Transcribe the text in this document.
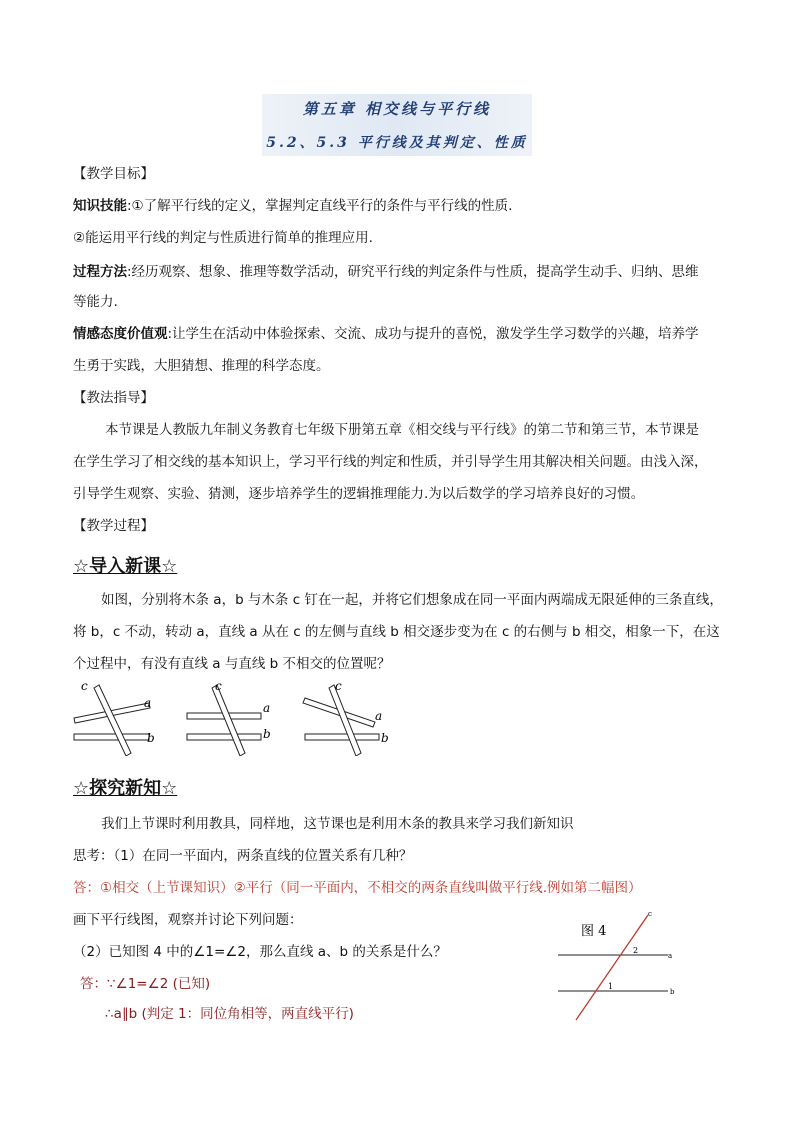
第五章 相交线与平行线
5.2、5.3 平行线及其判定、性质
【教学目标】
知识技能:①了解平行线的定义，掌握判定直线平行的条件与平行线的性质.
②能运用平行线的判定与性质进行简单的推理应用.
过程方法:经历观察、想象、推理等数学活动，研究平行线的判定条件与性质，提高学生动手、归纳、思维
等能力.
情感态度价值观:让学生在活动中体验探索、交流、成功与提升的喜悦，激发学生学习数学的兴趣，培养学
生勇于实践，大胆猜想、推理的科学态度。
【教法指导】
本节课是人教版九年制义务教育七年级下册第五章《相交线与平行线》的第二节和第三节，本节课是
在学生学习了相交线的基本知识上，学习平行线的判定和性质，并引导学生用其解决相关问题。由浅入深，
引导学生观察、实验、猜测，逐步培养学生的逻辑推理能力.为以后数学的学习培养良好的习惯。
【教学过程】
☆导入新课☆
如图，分别将木条 a，b 与木条 c 钉在一起，并将它们想象成在同一平面内两端成无限延伸的三条直线，
将 b，c 不动，转动 a，直线 a 从在 c 的左侧与直线 b 相交逐步变为在 c 的右侧与 b 相交，相象一下，在这
个过程中，有没有直线 a 与直线 b 不相交的位置呢？
c
a
b
c
a
b
c
a
b
☆探究新知☆
我们上节课时利用教具，同样地，这节课也是利用木条的教具来学习我们新知识
思考：（1）在同一平面内，两条直线的位置关系有几种？
答：①相交（上节课知识）②平行（同一平面内，不相交的两条直线叫做平行线.例如第二幅图）
画下平行线图，观察并讨论下列问题：
（2）已知图 4 中的∠1=∠2，那么直线 a、b 的关系是什么？
答：∵∠1=∠2 (已知)
∴a∥b (判定 1：同位角相等，两直线平行)
图 4
2
1
a
b
c
